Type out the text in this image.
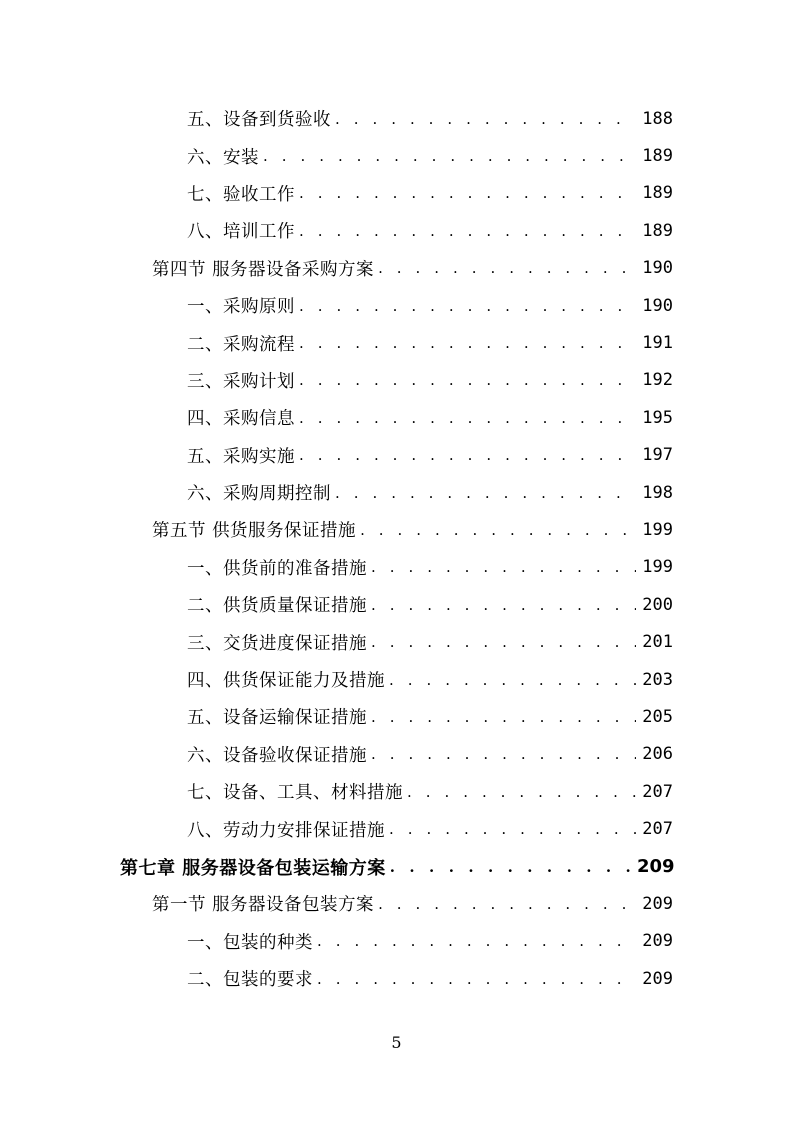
五、设备到货验收 . . .	188
六、安装 . . .	189
七、验收工作 . . .	189
八、培训工作 . . .	189
第四节 服务器设备采购方案 . . .	190
一、采购原则 . . .	190
二、采购流程 . . .	191
三、采购计划 . . .	192
四、采购信息 . . .	195
五、采购实施 . . .	197
六、采购周期控制 . . .	198
第五节 供货服务保证措施 . . .	199
一、供货前的准备措施 . . .	199
二、供货质量保证措施 . . .	200
三、交货进度保证措施 . . .	201
四、供货保证能力及措施 . . .	203
五、设备运输保证措施 . . .	205
六、设备验收保证措施 . . .	206
七、设备、工具、材料措施 . . .	207
八、劳动力安排保证措施 . . .	207
第七章 服务器设备包装运输方案 . . .	209
第一节 服务器设备包装方案 . . .	209
一、包装的种类 . . .	209
二、包装的要求 . . .	209
5
